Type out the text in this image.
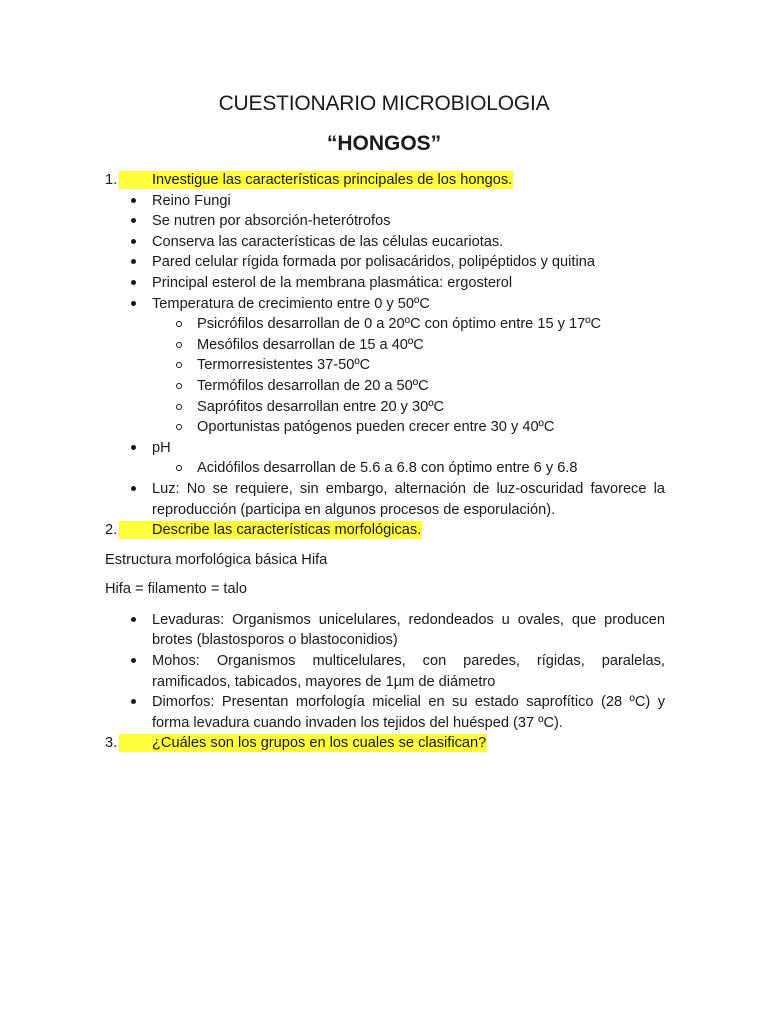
CUESTIONARIO MICROBIOLOGIA
“HONGOS”
1.	Investigue las características principales de los hongos.
Reino Fungi
Se nutren por absorción-heterótrofos
Conserva las características de las células eucariotas.
Pared celular rígida formada por polisacáridos, polipéptidos y quitina
Principal esterol de la membrana plasmática: ergosterol
Temperatura de crecimiento entre 0 y 50ºC
Psicrófilos desarrollan de 0 a 20ºC con óptimo entre 15 y 17ºC
Mesófilos desarrollan de 15 a 40ºC
Termorresistentes 37-50ºC
Termófilos desarrollan de 20 a 50ºC
Saprófitos desarrollan entre 20 y 30ºC
Oportunistas patógenos pueden crecer entre 30 y 40ºC
pH
Acidófilos desarrollan de 5.6 a 6.8 con óptimo entre 6 y 6.8
Luz: No se requiere, sin embargo, alternación de luz-oscuridad favorece la reproducción (participa en algunos procesos de esporulación).
2.	Describe las características morfológicas.
Estructura morfológica básica Hifa
Hifa = filamento = talo
Levaduras: Organismos unicelulares, redondeados u ovales, que producen brotes (blastosporos o blastoconidios)
Mohos: Organismos multicelulares, con paredes, rígidas, paralelas, ramificados, tabicados, mayores de 1µm de diámetro
Dimorfos: Presentan morfología micelial en su estado saprofítico (28 ºC) y forma levadura cuando invaden los tejidos del huésped (37 ºC).
3.	¿Cuáles son los grupos en los cuales se clasifican?
